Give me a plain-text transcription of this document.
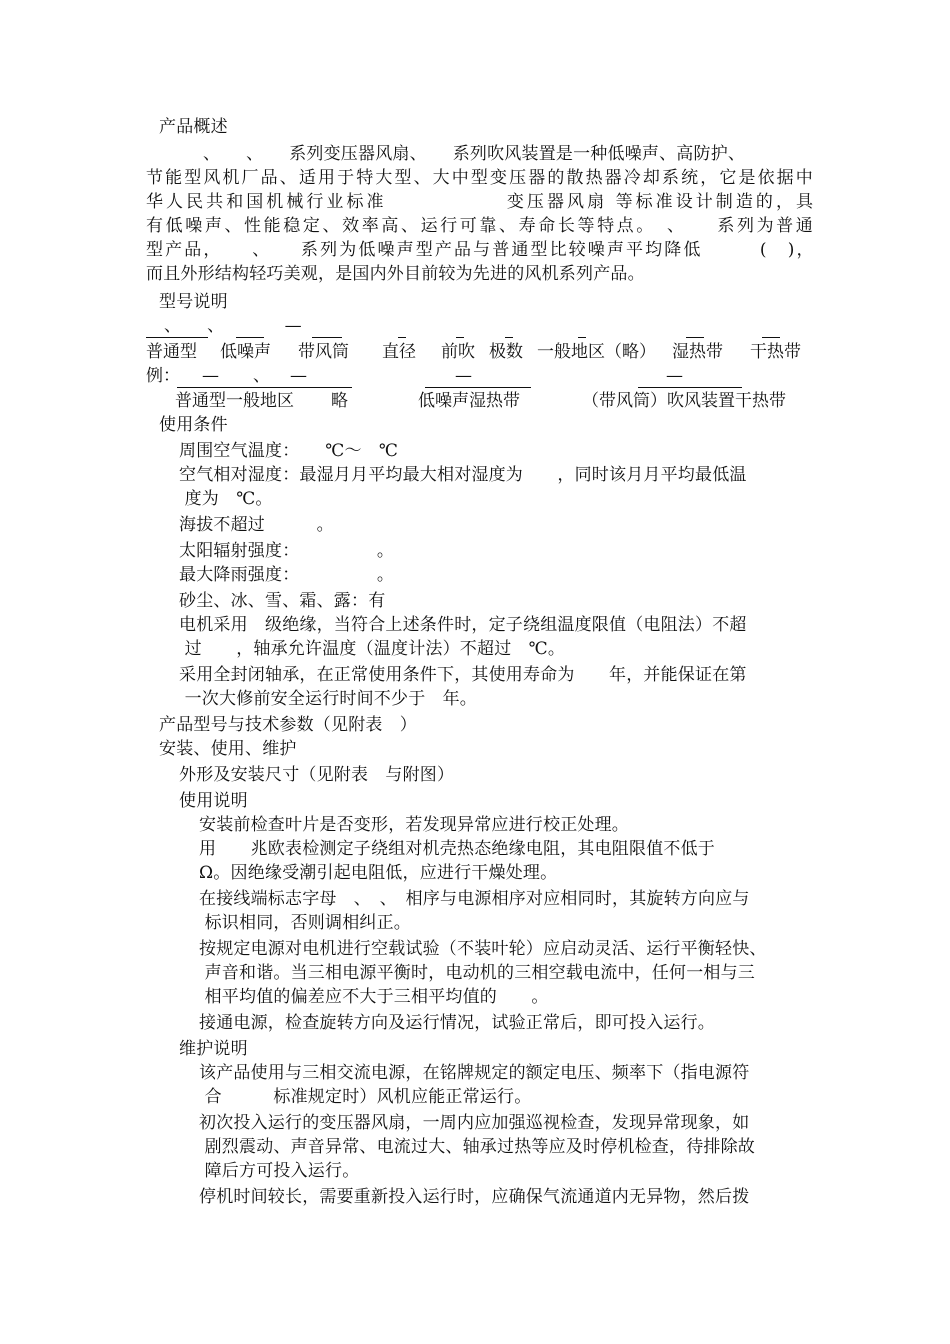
产品概述
、　　、　　系列变压器风扇、　　系列吹风装置是一种低噪声、高防护、
节能型风机厂品、适用于特大型、大中型变压器的散热器冷却系统，它是依据中
华人民共和国机械行业标准　　　　　　变压器风扇 等标准设计制造的，具
有低噪声、性能稳定、效率高、运行可靠、寿命长等特点。　、　　系列为普通
型产品，　　、　　系列为低噪声型产品与普通型比较噪声平均降低　　　(　)，
而且外形结构轻巧美观，是国内外目前较为先进的风机系列产品。
型号说明
、　　、　　　　—
普通型 低噪声 带风筒 直径 前吹 极数 一般地区（略） 湿热带 干热带
例： — 、 —	—	—
普通型一般地区 略	低噪声湿热带	（带风筒）吹风装置干热带
使用条件
周围空气温度：　　℃～　℃
空气相对湿度：最湿月月平均最大相对湿度为　　，同时该月月平均最低温
度为　℃。
海拔不超过　　　。
太阳辐射强度：　　　　　。
最大降雨强度：　　　　　。
砂尘、冰、雪、霜、露：有
电机采用　级绝缘，当符合上述条件时，定子绕组温度限值（电阻法）不超
过　　，轴承允许温度（温度计法）不超过　℃。
采用全封闭轴承，在正常使用条件下，其使用寿命为　　年，并能保证在第
一次大修前安全运行时间不少于　年。
产品型号与技术参数（见附表　）
安装、使用、维护
外形及安装尺寸（见附表　与附图）
使用说明
安装前检查叶片是否变形，若发现异常应进行校正处理。
用　　兆欧表检测定子绕组对机壳热态绝缘电阻，其电阻限值不低于
Ω。因绝缘受潮引起电阻低，应进行干燥处理。
在接线端标志字母　、　、　相序与电源相序对应相同时，其旋转方向应与
标识相同，否则调相纠正。
按规定电源对电机进行空载试验（不装叶轮）应启动灵活、运行平衡轻快、
声音和谐。当三相电源平衡时，电动机的三相空载电流中，任何一相与三
相平均值的偏差应不大于三相平均值的　　。
接通电源，检查旋转方向及运行情况，试验正常后，即可投入运行。
维护说明
该产品使用与三相交流电源，在铭牌规定的额定电压、频率下（指电源符
合　　　标准规定时）风机应能正常运行。
初次投入运行的变压器风扇，一周内应加强巡视检查，发现异常现象，如
剧烈震动、声音异常、电流过大、轴承过热等应及时停机检查，待排除故
障后方可投入运行。
停机时间较长，需要重新投入运行时，应确保气流通道内无异物，然后拨
